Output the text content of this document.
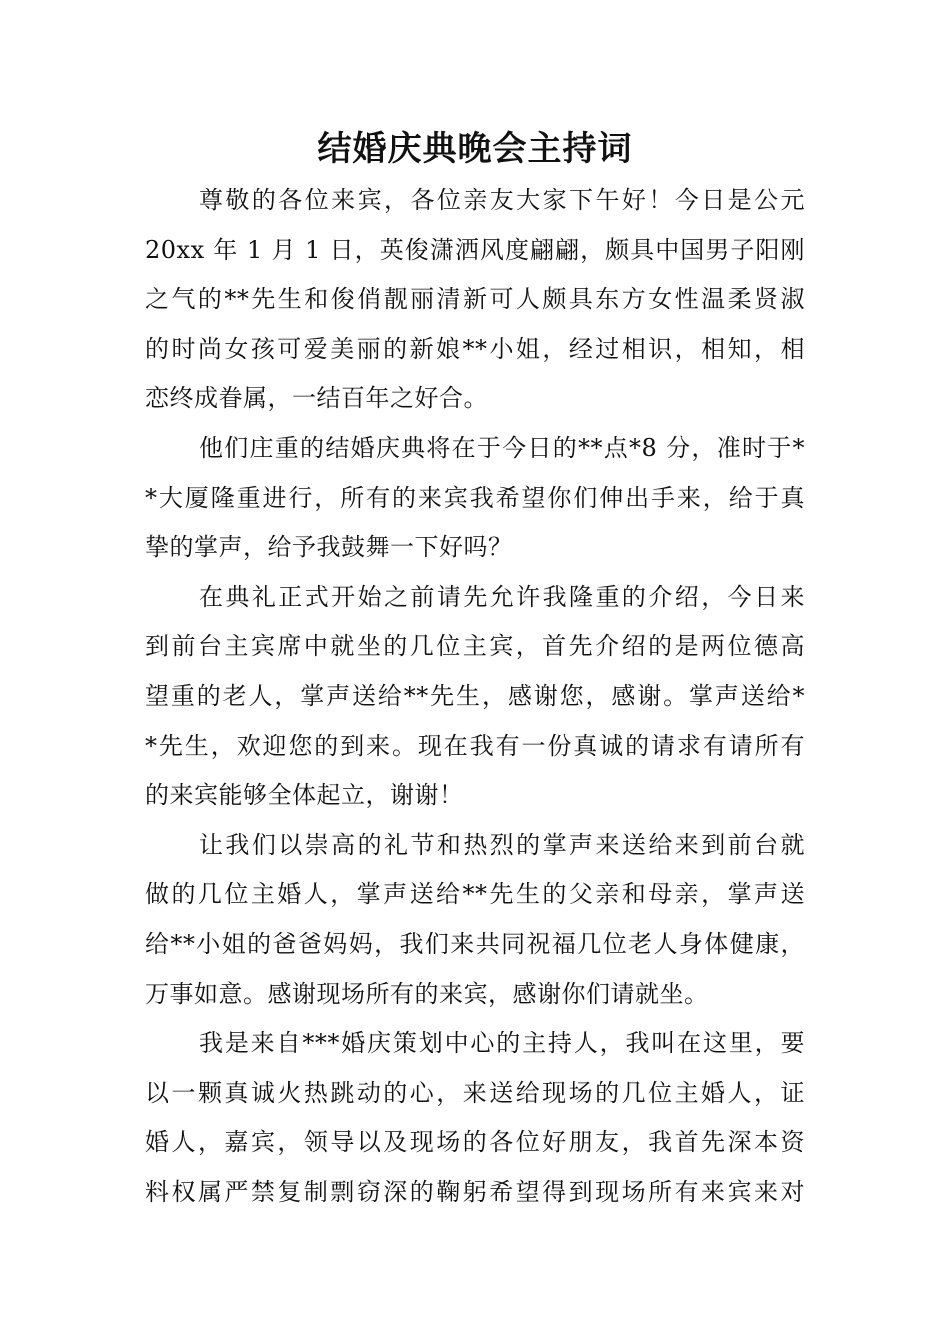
结婚庆典晚会主持词
尊敬的各位来宾，各位亲友大家下午好！今日是公元
20xx 年 1 月 1 日，英俊潇洒风度翩翩，颇具中国男子阳刚
之气的**先生和俊俏靓丽清新可人颇具东方女性温柔贤淑
的时尚女孩可爱美丽的新娘**小姐，经过相识，相知，相
恋终成眷属，一结百年之好合。
他们庄重的结婚庆典将在于今日的**点*8 分，准时于*
*大厦隆重进行，所有的来宾我希望你们伸出手来，给于真
挚的掌声，给予我鼓舞一下好吗？
在典礼正式开始之前请先允许我隆重的介绍，今日来
到前台主宾席中就坐的几位主宾，首先介绍的是两位德高
望重的老人，掌声送给**先生，感谢您，感谢。掌声送给*
*先生，欢迎您的到来。现在我有一份真诚的请求有请所有
的来宾能够全体起立，谢谢！
让我们以崇高的礼节和热烈的掌声来送给来到前台就
做的几位主婚人，掌声送给**先生的父亲和母亲，掌声送
给**小姐的爸爸妈妈，我们来共同祝福几位老人身体健康，
万事如意。感谢现场所有的来宾，感谢你们请就坐。
我是来自***婚庆策划中心的主持人，我叫在这里，要
以一颗真诚火热跳动的心，来送给现场的几位主婚人，证
婚人，嘉宾，领导以及现场的各位好朋友，我首先深本资
料权属严禁复制剽窃深的鞠躬希望得到现场所有来宾来对
